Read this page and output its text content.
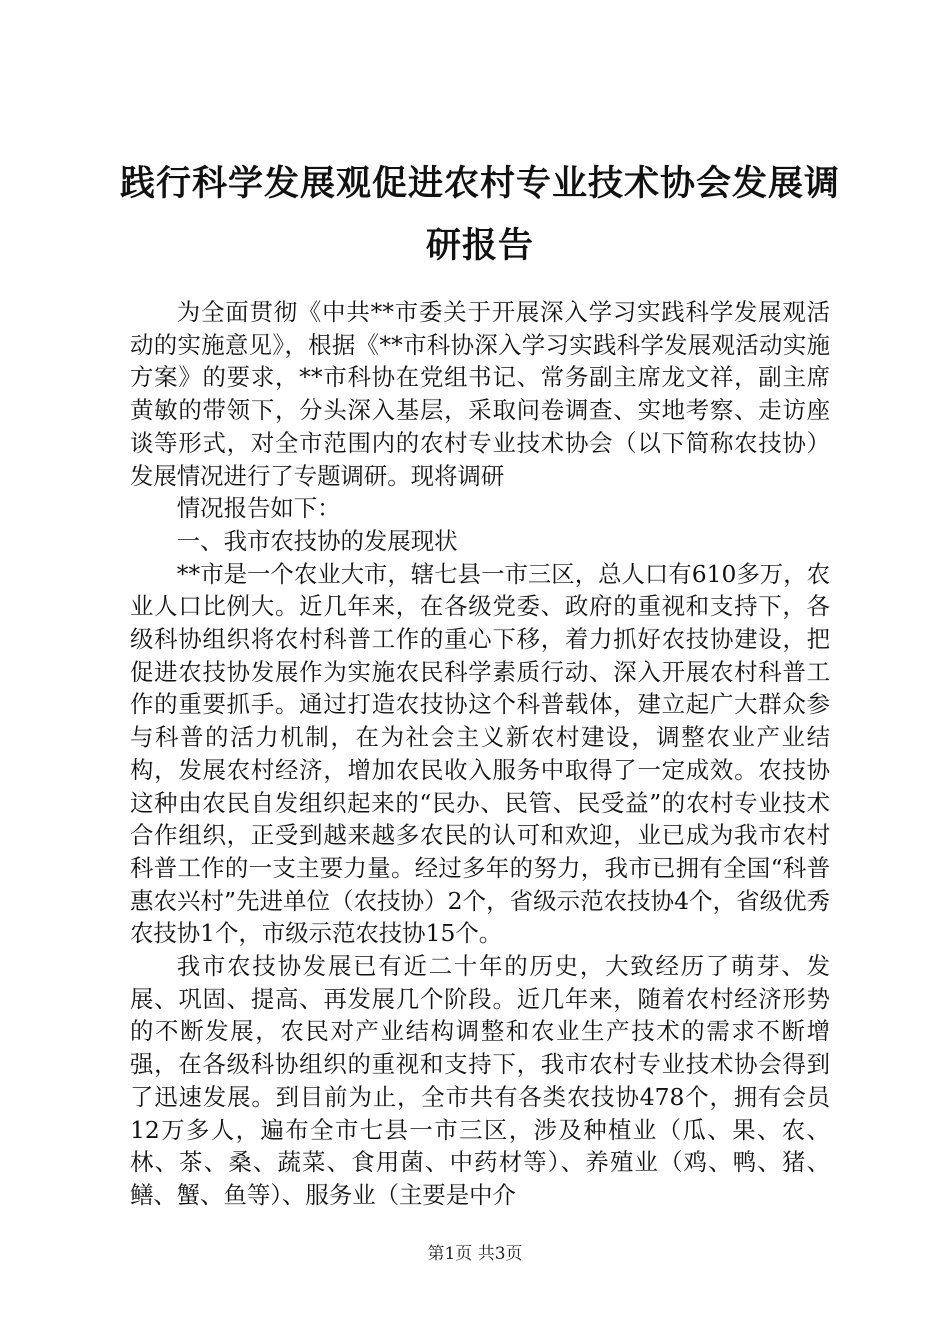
践行科学发展观促进农村专业技术协会发展调
研报告

为全面贯彻《中共**市委关于开展深入学习实践科学发展观活动的实施意见》，根据《**市科协深入学习实践科学发展观活动实施方案》的要求，**市科协在党组书记、常务副主席龙文祥，副主席黄敏的带领下，分头深入基层，采取问卷调查、实地考察、走访座谈等形式，对全市范围内的农村专业技术协会（以下简称农技协）发展情况进行了专题调研。现将调研

情况报告如下：

一、我市农技协的发展现状

**市是一个农业大市，辖七县一市三区，总人口有610多万，农业人口比例大。近几年来，在各级党委、政府的重视和支持下，各级科协组织将农村科普工作的重心下移，着力抓好农技协建设，把促进农技协发展作为实施农民科学素质行动、深入开展农村科普工作的重要抓手。通过打造农技协这个科普载体，建立起广大群众参与科普的活力机制，在为社会主义新农村建设，调整农业产业结构，发展农村经济，增加农民收入服务中取得了一定成效。农技协这种由农民自发组织起来的“民办、民管、民受益”的农村专业技术合作组织，正受到越来越多农民的认可和欢迎，业已成为我市农村科普工作的一支主要力量。经过多年的努力，我市已拥有全国“科普惠农兴村”先进单位（农技协）2个，省级示范农技协4个，省级优秀农技协1个，市级示范农技协15个。

我市农技协发展已有近二十年的历史，大致经历了萌芽、发展、巩固、提高、再发展几个阶段。近几年来，随着农村经济形势的不断发展，农民对产业结构调整和农业生产技术的需求不断增强，在各级科协组织的重视和支持下，我市农村专业技术协会得到了迅速发展。到目前为止，全市共有各类农技协478个，拥有会员12万多人，遍布全市七县一市三区，涉及种植业（瓜、果、农、林、茶、桑、蔬菜、食用菌、中药材等）、养殖业（鸡、鸭、猪、鳝、蟹、鱼等）、服务业（主要是中介

第1页 共3页
